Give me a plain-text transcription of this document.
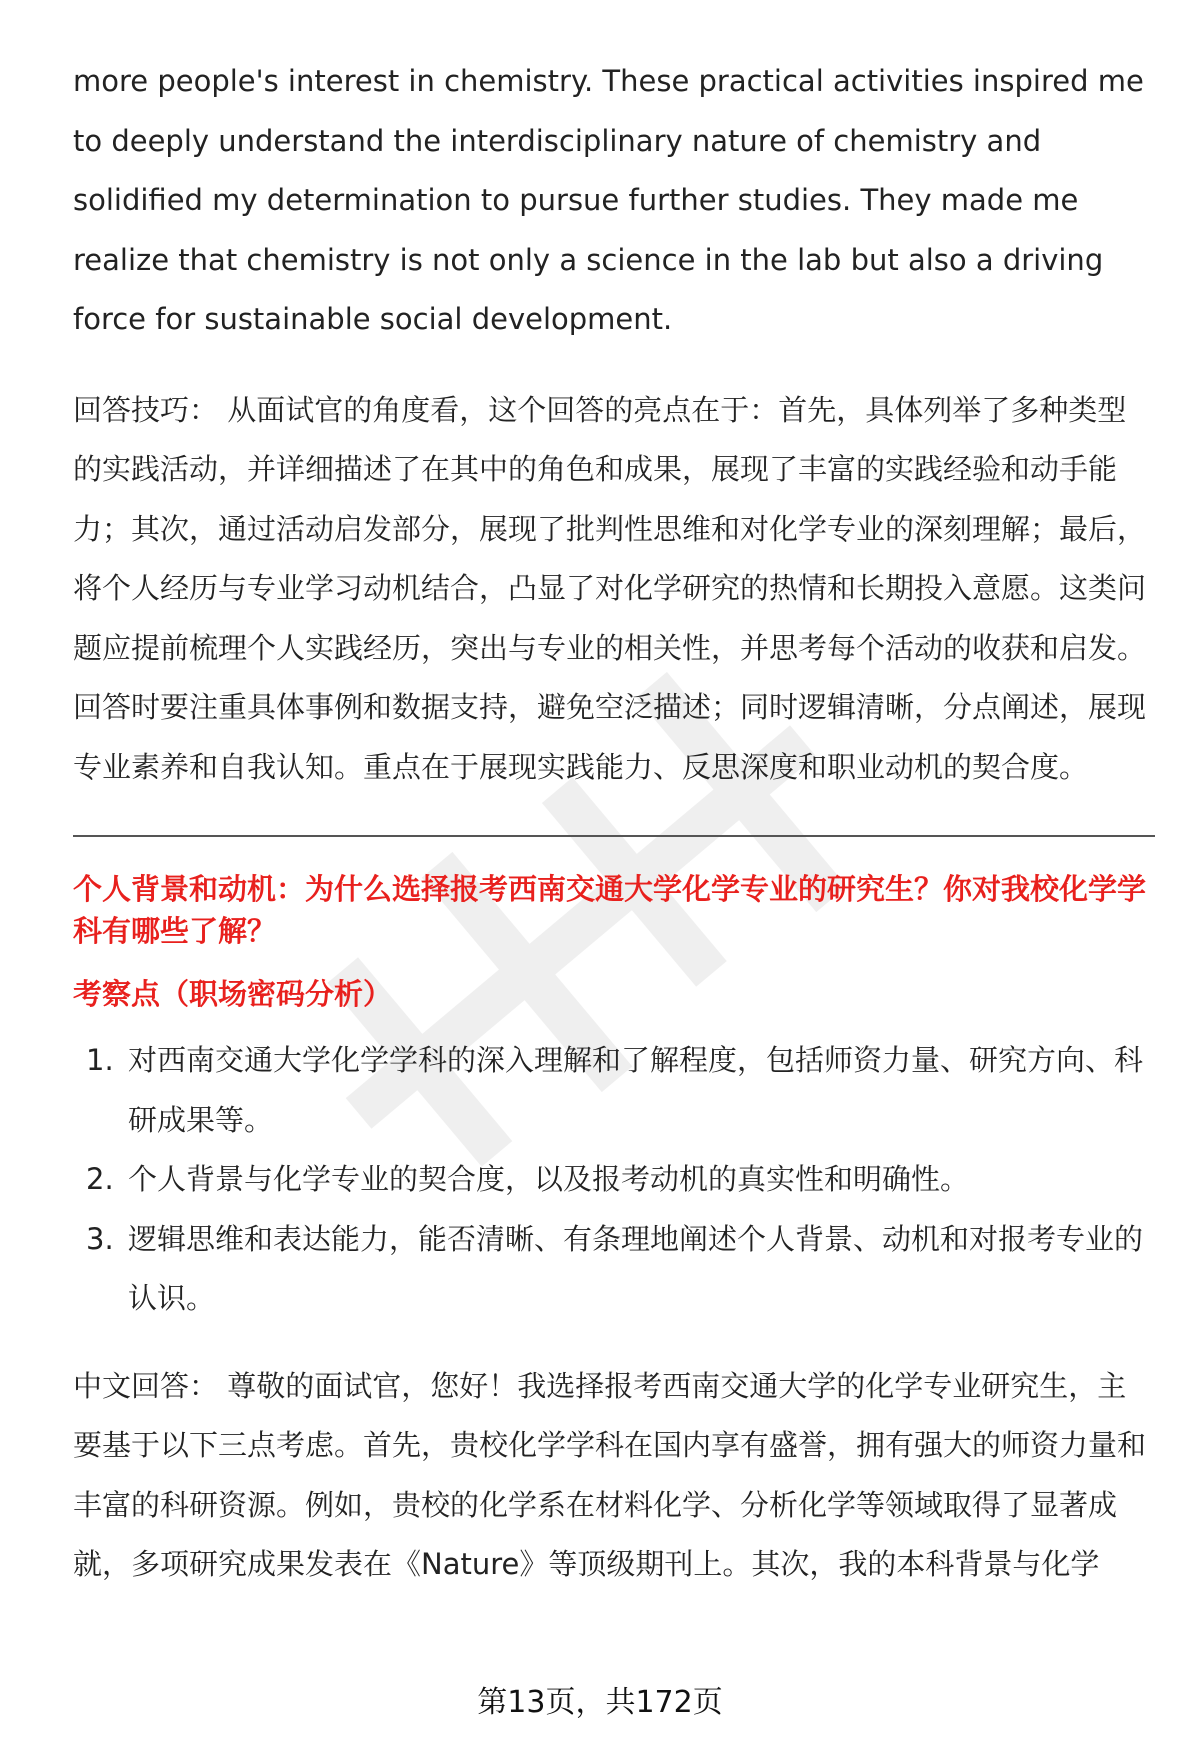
more people's interest in chemistry. These practical activities inspired me to deeply understand the interdisciplinary nature of chemistry and solidified my determination to pursue further studies. They made me realize that chemistry is not only a science in the lab but also a driving force for sustainable social development.

回答技巧： 从面试官的角度看，这个回答的亮点在于：首先，具体列举了多种类型的实践活动，并详细描述了在其中的角色和成果，展现了丰富的实践经验和动手能力；其次，通过活动启发部分，展现了批判性思维和对化学专业的深刻理解；最后，将个人经历与专业学习动机结合，凸显了对化学研究的热情和长期投入意愿。这类问题应提前梳理个人实践经历，突出与专业的相关性，并思考每个活动的收获和启发。回答时要注重具体事例和数据支持，避免空泛描述；同时逻辑清晰，分点阐述，展现专业素养和自我认知。重点在于展现实践能力、反思深度和职业动机的契合度。

个人背景和动机：为什么选择报考西南交通大学化学专业的研究生？你对我校化学学科有哪些了解？
考察点（职场密码分析）
1. 对西南交通大学化学学科的深入理解和了解程度，包括师资力量、研究方向、科研成果等。
2. 个人背景与化学专业的契合度，以及报考动机的真实性和明确性。
3. 逻辑思维和表达能力，能否清晰、有条理地阐述个人背景、动机和对报考专业的认识。

中文回答： 尊敬的面试官，您好！我选择报考西南交通大学的化学专业研究生，主要基于以下三点考虑。首先，贵校化学学科在国内享有盛誉，拥有强大的师资力量和丰富的科研资源。例如，贵校的化学系在材料化学、分析化学等领域取得了显著成就，多项研究成果发表在《Nature》等顶级期刊上。其次，我的本科背景与化学

第13页，共172页
